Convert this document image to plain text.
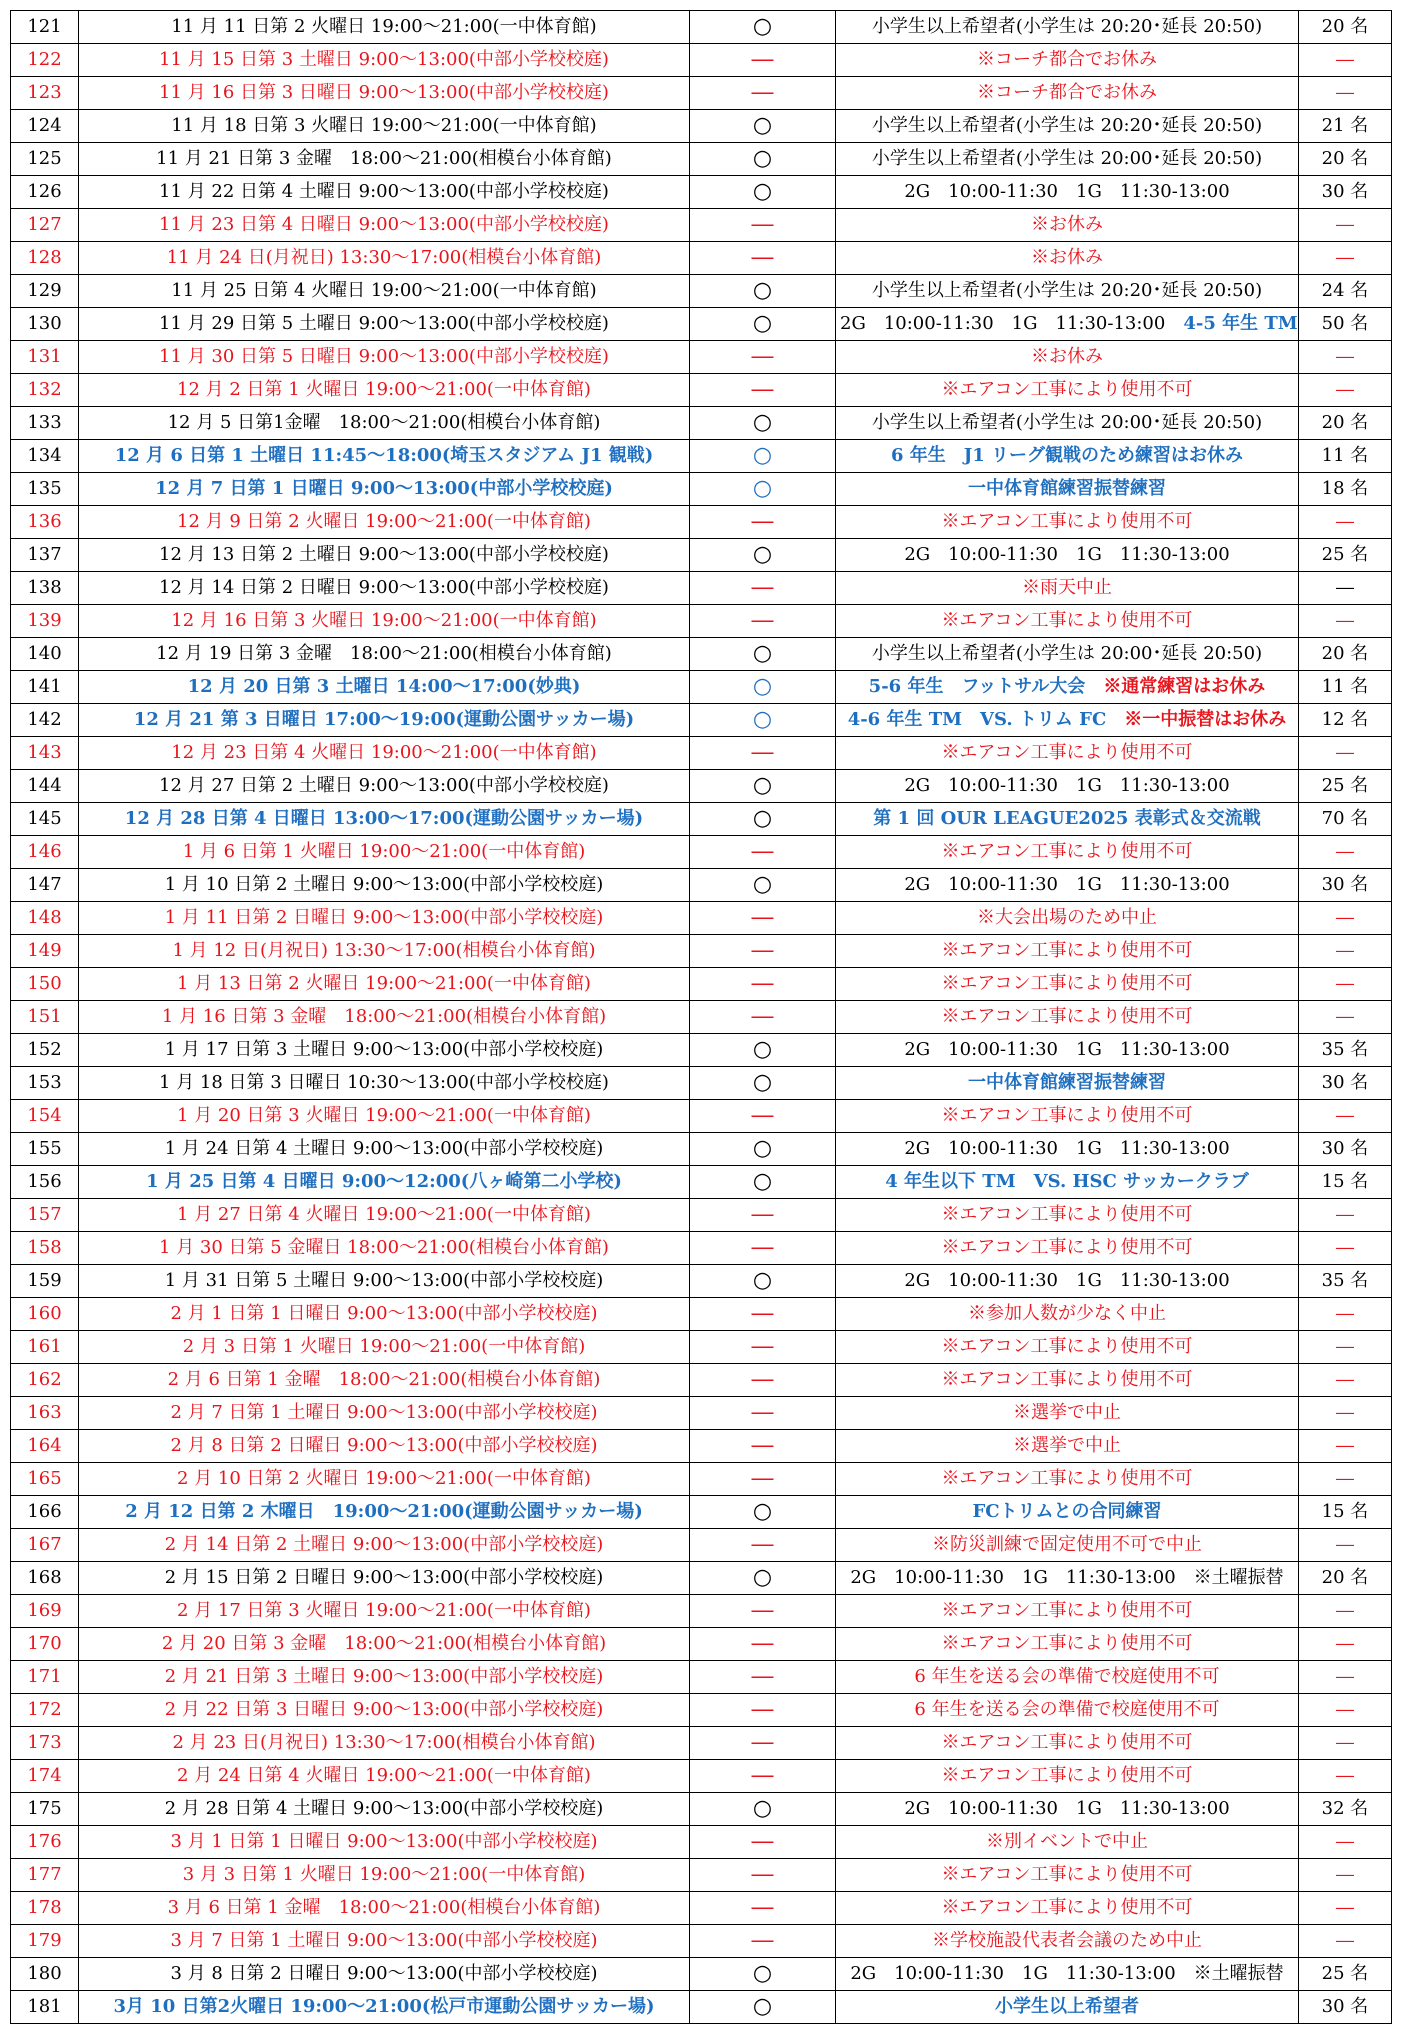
121	11 月 11 日第 2 火曜日 19:00～21:00(一中体育館)	○	小学生以上希望者(小学生は 20:20･延長 20:50)	20 名
122	11 月 15 日第 3 土曜日 9:00～13:00(中部小学校校庭)	―	※コーチ都合でお休み	―
123	11 月 16 日第 3 日曜日 9:00～13:00(中部小学校校庭)	―	※コーチ都合でお休み	―
124	11 月 18 日第 3 火曜日 19:00～21:00(一中体育館)	○	小学生以上希望者(小学生は 20:20･延長 20:50)	21 名
125	11 月 21 日第 3 金曜　18:00～21:00(相模台小体育館)	○	小学生以上希望者(小学生は 20:00･延長 20:50)	20 名
126	11 月 22 日第 4 土曜日 9:00～13:00(中部小学校校庭)	○	2G　10:00-11:30　1G　11:30-13:00	30 名
127	11 月 23 日第 4 日曜日 9:00～13:00(中部小学校校庭)	―	※お休み	―
128	11 月 24 日(月祝日) 13:30～17:00(相模台小体育館)	―	※お休み	―
129	11 月 25 日第 4 火曜日 19:00～21:00(一中体育館)	○	小学生以上希望者(小学生は 20:20･延長 20:50)	24 名
130	11 月 29 日第 5 土曜日 9:00～13:00(中部小学校校庭)	○	2G　10:00-11:30　1G　11:30-13:00　 4-5 年生 TM	50 名
131	11 月 30 日第 5 日曜日 9:00～13:00(中部小学校校庭)	―	※お休み	―
132	12 月 2 日第 1 火曜日 19:00～21:00(一中体育館)	―	※エアコン工事により使用不可	―
133	12 月 5 日第1金曜　18:00～21:00(相模台小体育館)	○	小学生以上希望者(小学生は 20:00･延長 20:50)	20 名
134	12 月 6 日第 1 土曜日 11:45～18:00(埼玉スタジアム J1 観戦)	○	6 年生　J1 リーグ観戦のため練習はお休み	11 名
135	12 月 7 日第 1 日曜日 9:00～13:00(中部小学校校庭)	○	一中体育館練習振替練習	18 名
136	12 月 9 日第 2 火曜日 19:00～21:00(一中体育館)	―	※エアコン工事により使用不可	―
137	12 月 13 日第 2 土曜日 9:00～13:00(中部小学校校庭)	○	2G　10:00-11:30　1G　11:30-13:00	25 名
138	12 月 14 日第 2 日曜日 9:00～13:00(中部小学校校庭)	―	※雨天中止	―
139	12 月 16 日第 3 火曜日 19:00～21:00(一中体育館)	―	※エアコン工事により使用不可	―
140	12 月 19 日第 3 金曜　18:00～21:00(相模台小体育館)	○	小学生以上希望者(小学生は 20:00･延長 20:50)	20 名
141	12 月 20 日第 3 土曜日 14:00～17:00(妙典)	○	5-6 年生　フットサル大会　 ※通常練習はお休み	11 名
142	12 月 21 第 3 日曜日 17:00～19:00(運動公園サッカー場)	○	4-6 年生 TM　VS. トリム FC　 ※一中振替はお休み	12 名
143	12 月 23 日第 4 火曜日 19:00～21:00(一中体育館)	―	※エアコン工事により使用不可	―
144	12 月 27 日第 2 土曜日 9:00～13:00(中部小学校校庭)	○	2G　10:00-11:30　1G　11:30-13:00	25 名
145	12 月 28 日第 4 日曜日 13:00～17:00(運動公園サッカー場)	○	第 1 回 OUR LEAGUE2025 表彰式＆交流戦	70 名
146	1 月 6 日第 1 火曜日 19:00～21:00(一中体育館)	―	※エアコン工事により使用不可	―
147	1 月 10 日第 2 土曜日 9:00～13:00(中部小学校校庭)	○	2G　10:00-11:30　1G　11:30-13:00	30 名
148	1 月 11 日第 2 日曜日 9:00～13:00(中部小学校校庭)	―	※大会出場のため中止	―
149	1 月 12 日(月祝日) 13:30～17:00(相模台小体育館)	―	※エアコン工事により使用不可	―
150	1 月 13 日第 2 火曜日 19:00～21:00(一中体育館)	―	※エアコン工事により使用不可	―
151	1 月 16 日第 3 金曜　18:00～21:00(相模台小体育館)	―	※エアコン工事により使用不可	―
152	1 月 17 日第 3 土曜日 9:00～13:00(中部小学校校庭)	○	2G　10:00-11:30　1G　11:30-13:00	35 名
153	1 月 18 日第 3 日曜日 10:30～13:00(中部小学校校庭)	○	一中体育館練習振替練習	30 名
154	1 月 20 日第 3 火曜日 19:00～21:00(一中体育館)	―	※エアコン工事により使用不可	―
155	1 月 24 日第 4 土曜日 9:00～13:00(中部小学校校庭)	○	2G　10:00-11:30　1G　11:30-13:00	30 名
156	1 月 25 日第 4 日曜日 9:00～12:00(八ヶ崎第二小学校)	○	4 年生以下 TM　VS. HSC サッカークラブ	15 名
157	1 月 27 日第 4 火曜日 19:00～21:00(一中体育館)	―	※エアコン工事により使用不可	―
158	1 月 30 日第 5 金曜日 18:00～21:00(相模台小体育館)	―	※エアコン工事により使用不可	―
159	1 月 31 日第 5 土曜日 9:00～13:00(中部小学校校庭)	○	2G　10:00-11:30　1G　11:30-13:00	35 名
160	2 月 1 日第 1 日曜日 9:00～13:00(中部小学校校庭)	―	※参加人数が少なく中止	―
161	2 月 3 日第 1 火曜日 19:00～21:00(一中体育館)	―	※エアコン工事により使用不可	―
162	2 月 6 日第 1 金曜　18:00～21:00(相模台小体育館)	―	※エアコン工事により使用不可	―
163	2 月 7 日第 1 土曜日 9:00～13:00(中部小学校校庭)	―	※選挙で中止	―
164	2 月 8 日第 2 日曜日 9:00～13:00(中部小学校校庭)	―	※選挙で中止	―
165	2 月 10 日第 2 火曜日 19:00～21:00(一中体育館)	―	※エアコン工事により使用不可	―
166	2 月 12 日第 2 木曜日　19:00～21:00(運動公園サッカー場)	○	FCトリムとの合同練習	15 名
167	2 月 14 日第 2 土曜日 9:00～13:00(中部小学校校庭)	―	※防災訓練で固定使用不可で中止	―
168	2 月 15 日第 2 日曜日 9:00～13:00(中部小学校校庭)	○	2G　10:00-11:30　1G　11:30-13:00　※土曜振替	20 名
169	2 月 17 日第 3 火曜日 19:00～21:00(一中体育館)	―	※エアコン工事により使用不可	―
170	2 月 20 日第 3 金曜　18:00～21:00(相模台小体育館)	―	※エアコン工事により使用不可	―
171	2 月 21 日第 3 土曜日 9:00～13:00(中部小学校校庭)	―	6 年生を送る会の準備で校庭使用不可	―
172	2 月 22 日第 3 日曜日 9:00～13:00(中部小学校校庭)	―	6 年生を送る会の準備で校庭使用不可	―
173	2 月 23 日(月祝日) 13:30～17:00(相模台小体育館)	―	※エアコン工事により使用不可	―
174	2 月 24 日第 4 火曜日 19:00～21:00(一中体育館)	―	※エアコン工事により使用不可	―
175	2 月 28 日第 4 土曜日 9:00～13:00(中部小学校校庭)	○	2G　10:00-11:30　1G　11:30-13:00	32 名
176	3 月 1 日第 1 日曜日 9:00～13:00(中部小学校校庭)	―	※別イベントで中止	―
177	3 月 3 日第 1 火曜日 19:00～21:00(一中体育館)	―	※エアコン工事により使用不可	―
178	3 月 6 日第 1 金曜　18:00～21:00(相模台小体育館)	―	※エアコン工事により使用不可	―
179	3 月 7 日第 1 土曜日 9:00～13:00(中部小学校校庭)	―	※学校施設代表者会議のため中止	―
180	3 月 8 日第 2 日曜日 9:00～13:00(中部小学校校庭)	○	2G　10:00-11:30　1G　11:30-13:00　※土曜振替	25 名
181	3月 10 日第2火曜日 19:00～21:00(松戸市運動公園サッカー場)	○	小学生以上希望者	30 名
